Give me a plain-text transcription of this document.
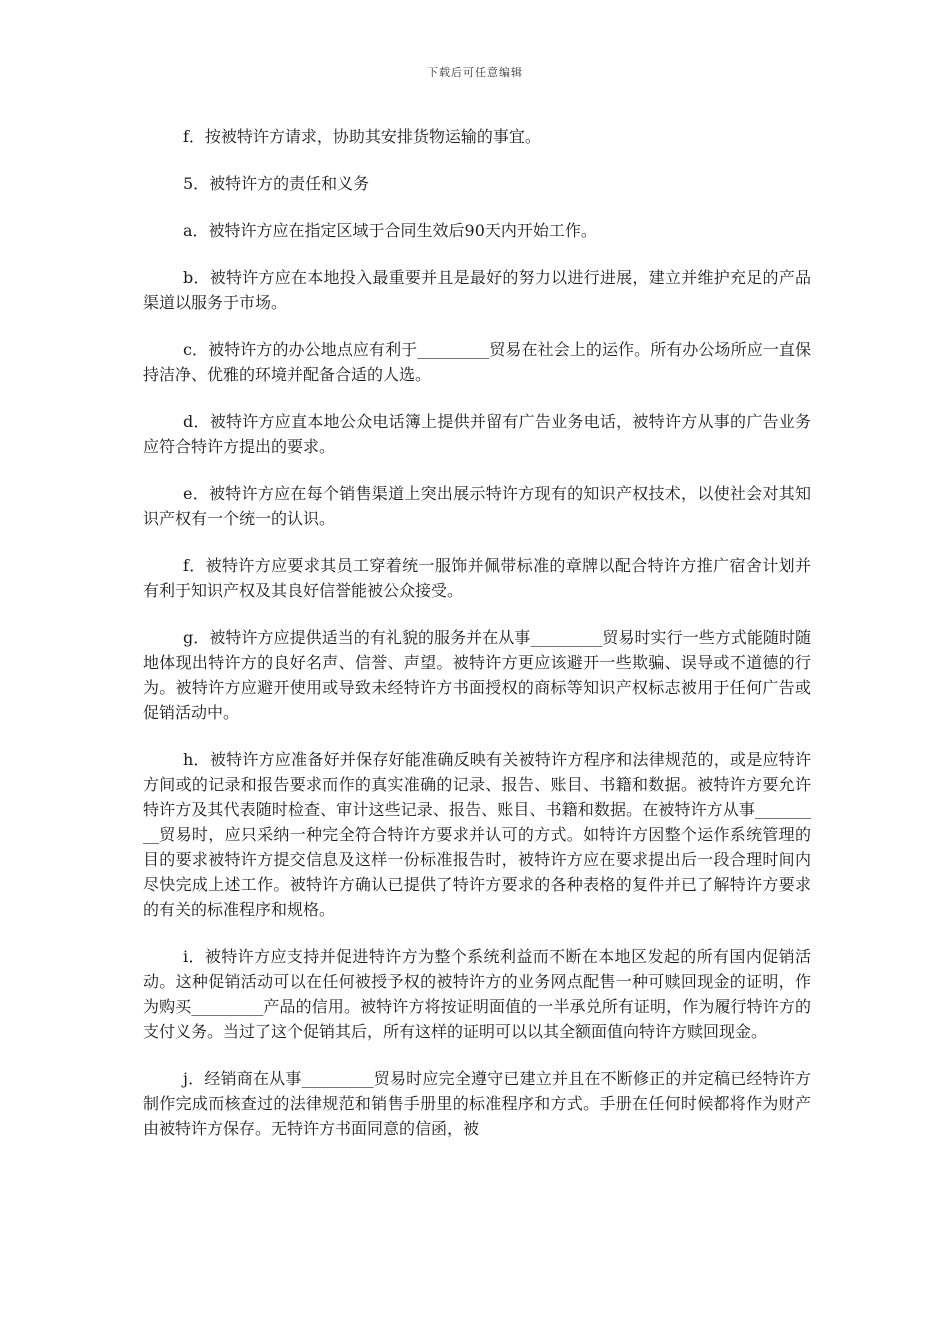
下载后可任意编辑

f．按被特许方请求，协助其安排货物运输的事宜。

5．被特许方的责任和义务

a．被特许方应在指定区域于合同生效后90天内开始工作。

b．被特许方应在本地投入最重要并且是最好的努力以进行进展，建立并维护充足的产品渠道以服务于市场。

c．被特许方的办公地点应有利于_________贸易在社会上的运作。所有办公场所应一直保持洁净、优雅的环境并配备合适的人选。

d．被特许方应直本地公众电话簿上提供并留有广告业务电话，被特许方从事的广告业务应符合特许方提出的要求。

e．被特许方应在每个销售渠道上突出展示特许方现有的知识产权技术，以使社会对其知识产权有一个统一的认识。

f．被特许方应要求其员工穿着统一服饰并佩带标准的章牌以配合特许方推广宿舍计划并有利于知识产权及其良好信誉能被公众接受。

g．被特许方应提供适当的有礼貌的服务并在从事_________贸易时实行一些方式能随时随地体现出特许方的良好名声、信誉、声望。被特许方更应该避开一些欺骗、误导或不道德的行为。被特许方应避开使用或导致未经特许方书面授权的商标等知识产权标志被用于任何广告或促销活动中。

h．被特许方应准备好并保存好能准确反映有关被特许方程序和法律规范的，或是应特许方间或的记录和报告要求而作的真实准确的记录、报告、账目、书籍和数据。被特许方要允许特许方及其代表随时检查、审计这些记录、报告、账目、书籍和数据。在被特许方从事_________贸易时，应只采纳一种完全符合特许方要求并认可的方式。如特许方因整个运作系统管理的目的要求被特许方提交信息及这样一份标准报告时，被特许方应在要求提出后一段合理时间内尽快完成上述工作。被特许方确认已提供了特许方要求的各种表格的复件并已了解特许方要求的有关的标准程序和规格。

i．被特许方应支持并促进特许方为整个系统利益而不断在本地区发起的所有国内促销活动。这种促销活动可以在任何被授予权的被特许方的业务网点配售一种可赎回现金的证明，作为购买_________产品的信用。被特许方将按证明面值的一半承兑所有证明，作为履行特许方的支付义务。当过了这个促销其后，所有这样的证明可以以其全额面值向特许方赎回现金。

j．经销商在从事_________贸易时应完全遵守已建立并且在不断修正的并定稿已经特许方制作完成而核查过的法律规范和销售手册里的标准程序和方式。手册在任何时候都将作为财产由被特许方保存。无特许方书面同意的信函，被
